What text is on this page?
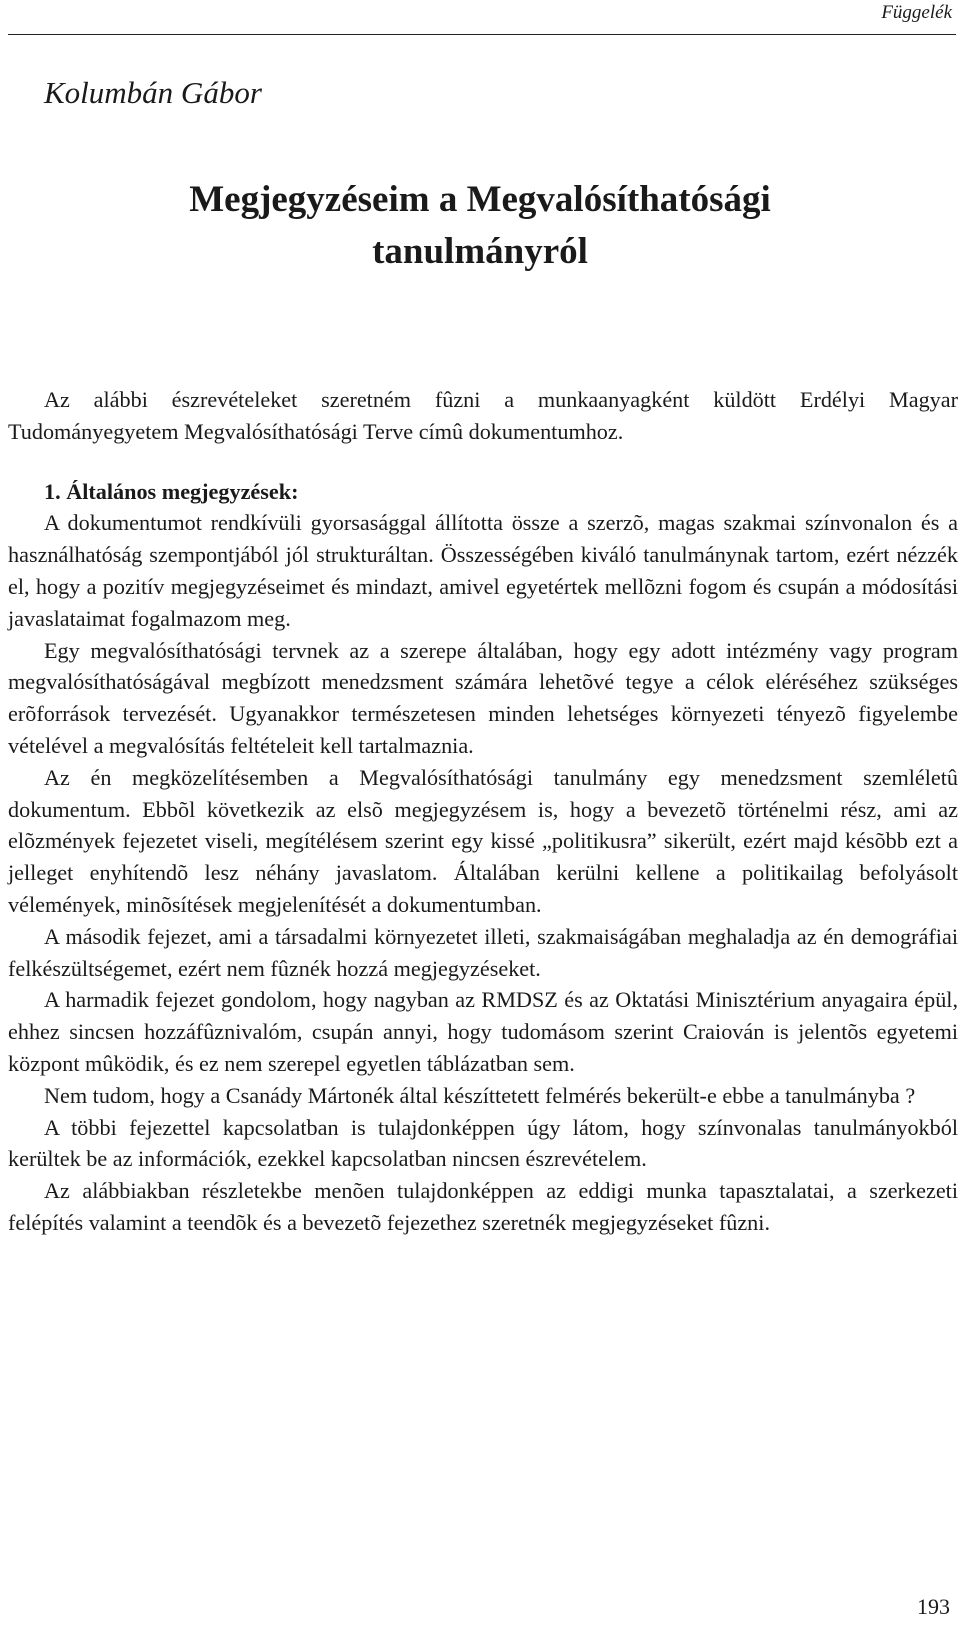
Függelék
Kolumbán Gábor
Megjegyzéseim a Megvalósíthatósági
tanulmányról

Az alábbi észrevételeket szeretném fûzni a munkaanyagként küldött Erdélyi Magyar Tudományegyetem Megvalósíthatósági Terve címû dokumentumhoz.

1. Általános megjegyzések:

A dokumentumot rendkívüli gyorsasággal állította össze a szerzõ, magas szakmai színvonalon és a használhatóság szempontjából jól strukturáltan. Összességében kiváló tanulmánynak tartom, ezért nézzék el, hogy a pozitív megjegyzéseimet és mindazt, amivel egyetértek mellõzni fogom és csupán a módosítási javaslataimat fogalmazom meg.

Egy megvalósíthatósági tervnek az a szerepe általában, hogy egy adott intézmény vagy program megvalósíthatóságával megbízott menedzsment számára lehetõvé tegye a célok eléréséhez szükséges erõforrások tervezését. Ugyanakkor természetesen minden lehetséges környezeti tényezõ figyelembe vételével a megvalósítás feltételeit kell tartalmaznia.

Az én megközelítésemben a Megvalósíthatósági tanulmány egy menedzsment szemléletû dokumentum. Ebbõl következik az elsõ megjegyzésem is, hogy a bevezetõ történelmi rész, ami az elõzmények fejezetet viseli, megítélésem szerint egy kissé „politikusra” sikerült, ezért majd késõbb ezt a jelleget enyhítendõ lesz néhány javaslatom. Általában kerülni kellene a politikailag befolyásolt vélemények, minõsítések megjelenítését a dokumentumban.

A második fejezet, ami a társadalmi környezetet illeti, szakmaiságában meghaladja az én demográfiai felkészültségemet, ezért nem fûznék hozzá megjegyzéseket.

A harmadik fejezet gondolom, hogy nagyban az RMDSZ és az Oktatási Minisztérium anyagaira épül, ehhez sincsen hozzáfûznivalóm, csupán annyi, hogy tudomásom szerint Craiován is jelentõs egyetemi központ mûködik, és ez nem szerepel egyetlen táblázatban sem.

Nem tudom, hogy a Csanády Mártonék által készíttetett felmérés bekerült-e ebbe a tanulmányba ?

A többi fejezettel kapcsolatban is tulajdonképpen úgy látom, hogy színvonalas tanulmányokból kerültek be az információk, ezekkel kapcsolatban nincsen észrevételem.

Az alábbiakban részletekbe menõen tulajdonképpen az eddigi munka tapasztalatai, a szerkezeti felépítés valamint a teendõk és a bevezetõ fejezethez szeretnék megjegyzéseket fûzni.

193
